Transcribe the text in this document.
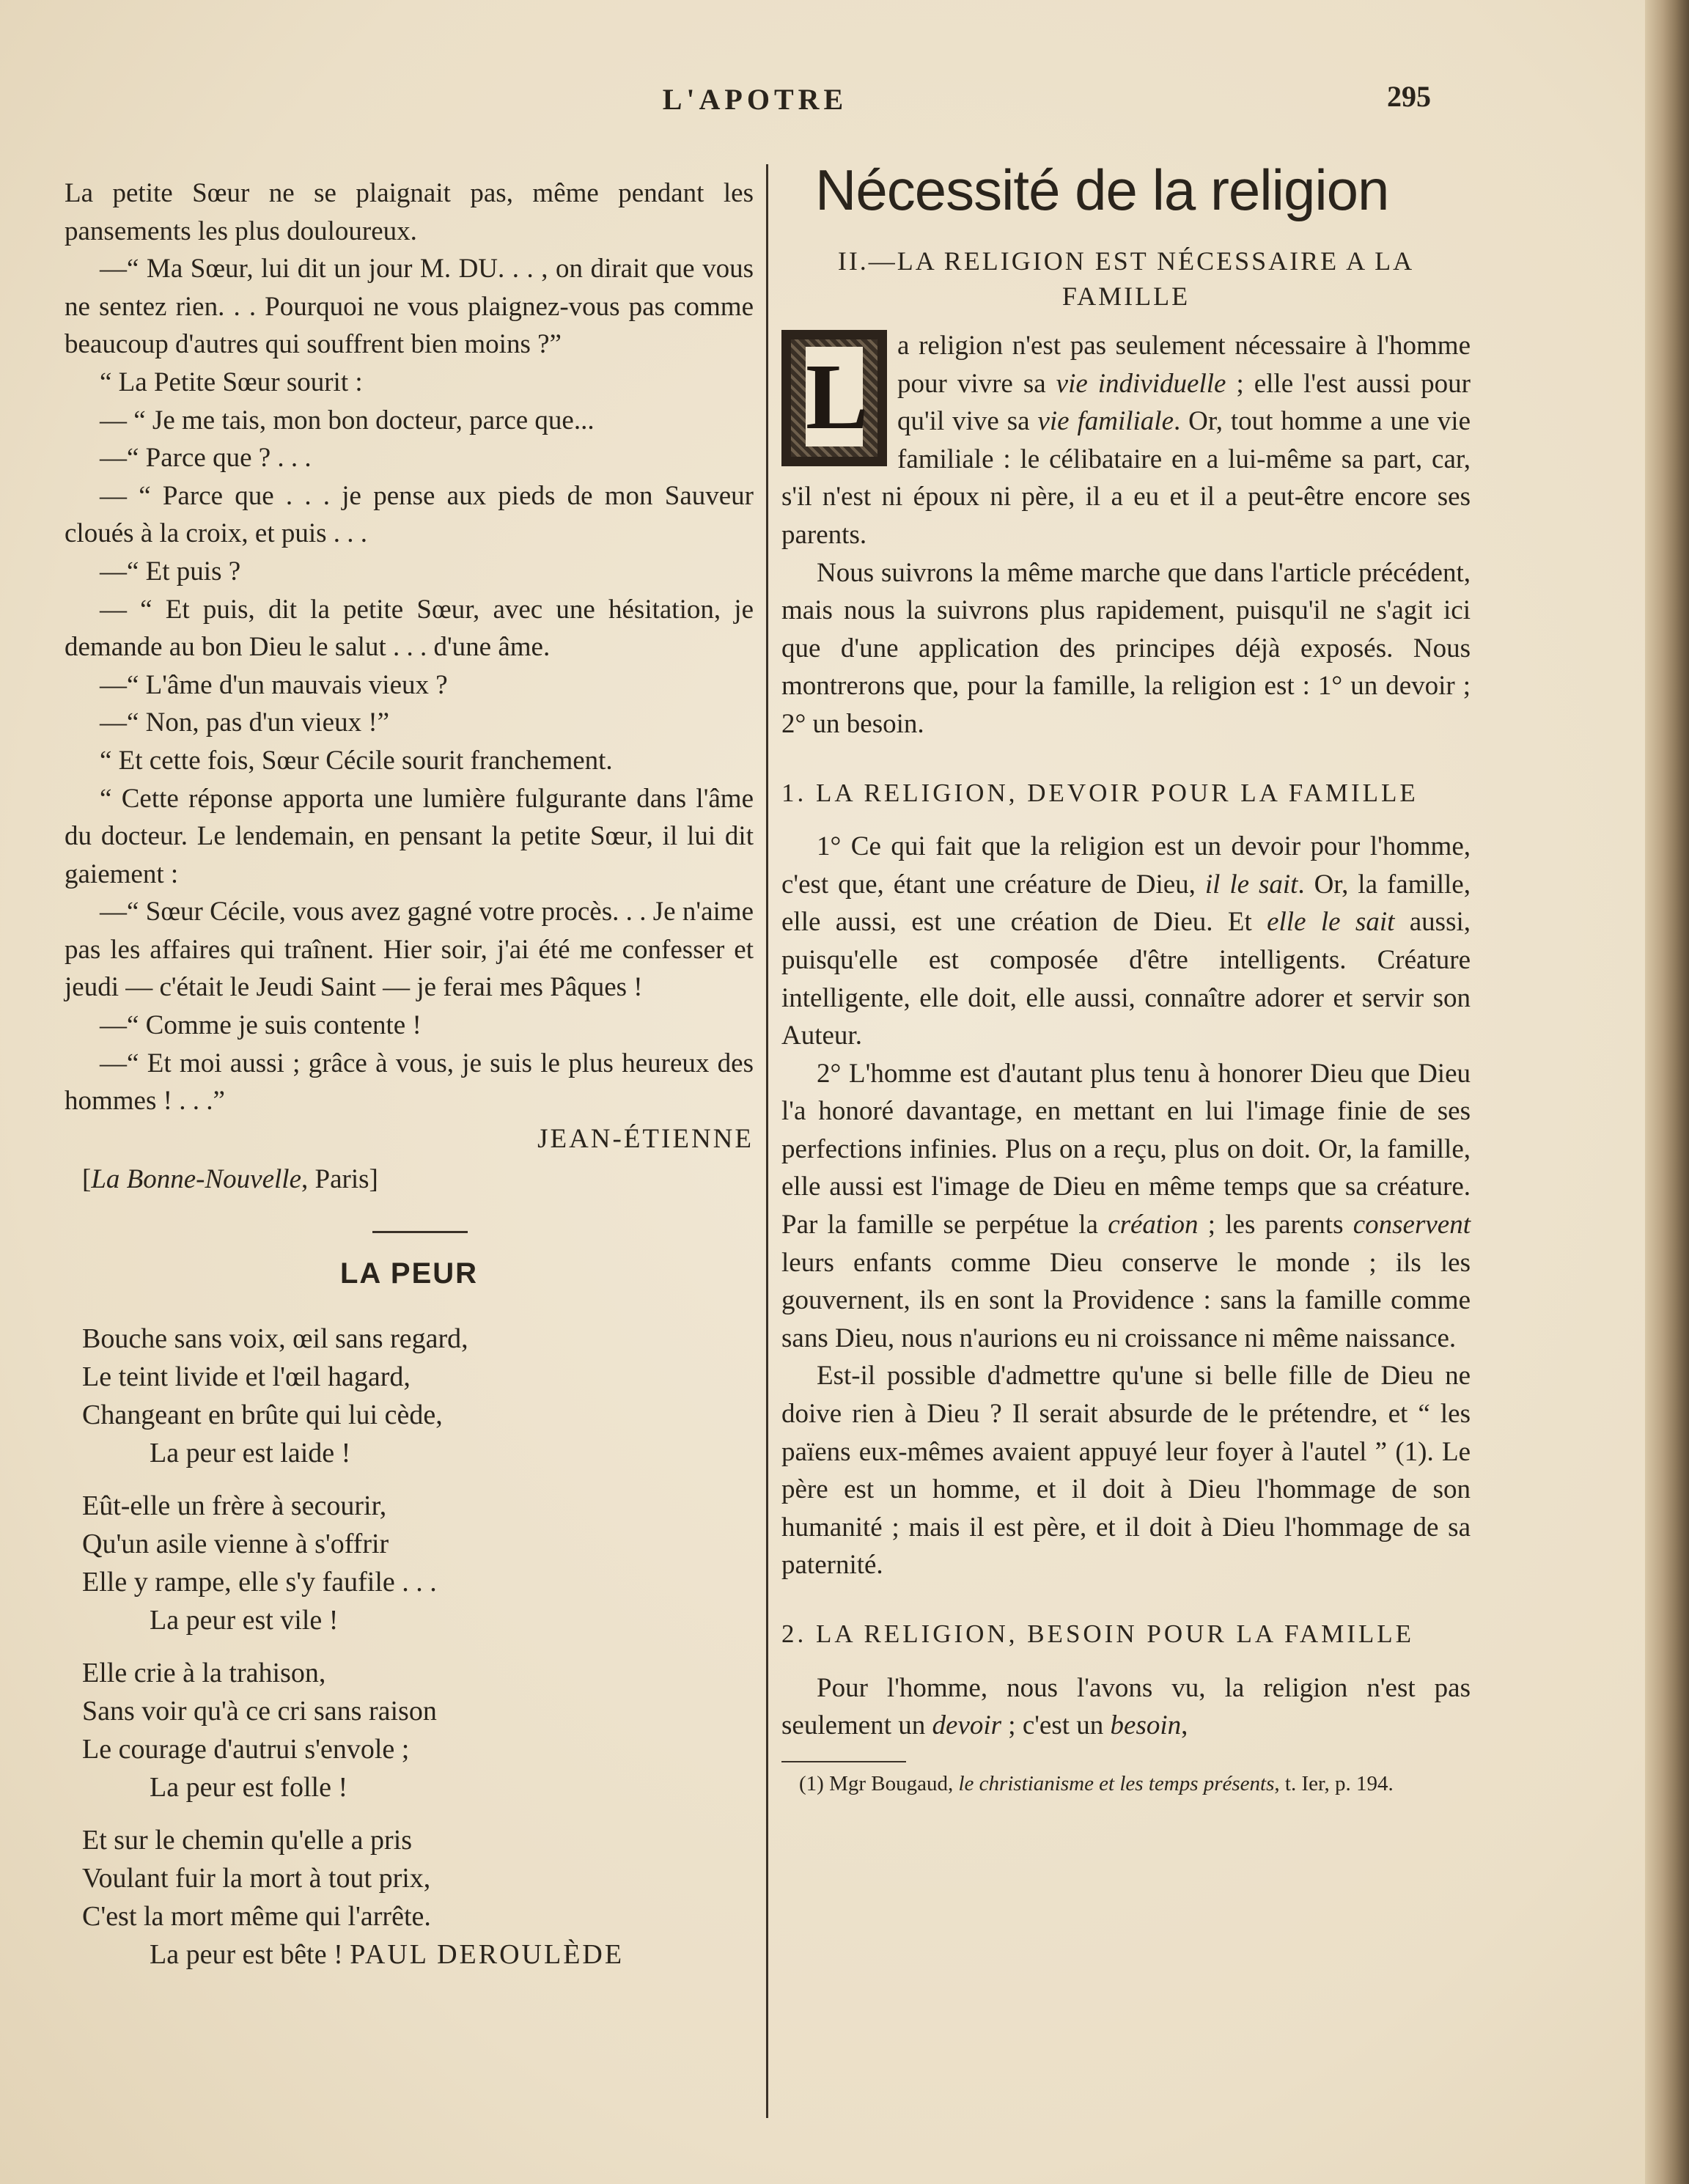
L'APOTRE	295

La petite Sœur ne se plaignait pas, même pendant les pansements les plus douloureux.

—“ Ma Sœur, lui dit un jour M. DU. . . , on dirait que vous ne sentez rien. . . Pourquoi ne vous plaignez-vous pas comme beaucoup d'autres qui souffrent bien moins ?”

“ La Petite Sœur sourit :

— “ Je me tais, mon bon docteur, parce que...

—“ Parce que ? . . .

— “ Parce que . . . je pense aux pieds de mon Sauveur cloués à la croix, et puis . . .

—“ Et puis ?

— “ Et puis, dit la petite Sœur, avec une hésitation, je demande au bon Dieu le salut . . . d'une âme.

—“ L'âme d'un mauvais vieux ?

—“ Non, pas d'un vieux !”

“ Et cette fois, Sœur Cécile sourit franchement.

“ Cette réponse apporta une lumière fulgurante dans l'âme du docteur. Le lendemain, en pensant la petite Sœur, il lui dit gaiement :

—“ Sœur Cécile, vous avez gagné votre procès. . . Je n'aime pas les affaires qui traînent. Hier soir, j'ai été me confesser et jeudi — c'était le Jeudi Saint — je ferai mes Pâques !

—“ Comme je suis contente !

—“ Et moi aussi ; grâce à vous, je suis le plus heureux des hommes ! . . .”

JEAN-ÉTIENNE

[La Bonne-Nouvelle, Paris]

LA PEUR

Bouche sans voix, œil sans regard,
Le teint livide et l'œil hagard,
Changeant en brûte qui lui cède,
La peur est laide !
Eût-elle un frère à secourir,
Qu'un asile vienne à s'offrir
Elle y rampe, elle s'y faufile . . .
La peur est vile !
Elle crie à la trahison,
Sans voir qu'à ce cri sans raison
Le courage d'autrui s'envole ;
La peur est folle !
Et sur le chemin qu'elle a pris
Voulant fuir la mort à tout prix,
C'est la mort même qui l'arrête.
La peur est bête ! PAUL DEROULÈDE
Nécessité de la religion

II.—LA RELIGION EST NÉCESSAIRE A LA FAMILLE

L a religion n'est pas seulement nécessaire à l'homme pour vivre sa vie individuelle ; elle l'est aussi pour qu'il vive sa vie familiale. Or, tout homme a une vie familiale : le célibataire en a lui-même sa part, car, s'il n'est ni époux ni père, il a eu et il a peut-être encore ses parents.

Nous suivrons la même marche que dans l'article précédent, mais nous la suivrons plus rapidement, puisqu'il ne s'agit ici que d'une application des principes déjà exposés. Nous montrerons que, pour la famille, la religion est : 1° un devoir ; 2° un besoin.

1. LA RELIGION, DEVOIR POUR LA FAMILLE

1° Ce qui fait que la religion est un devoir pour l'homme, c'est que, étant une créature de Dieu, il le sait. Or, la famille, elle aussi, est une création de Dieu. Et elle le sait aussi, puisqu'elle est composée d'être intelligents. Créature intelligente, elle doit, elle aussi, connaître adorer et servir son Auteur.

2° L'homme est d'autant plus tenu à honorer Dieu que Dieu l'a honoré davantage, en mettant en lui l'image finie de ses perfections infinies. Plus on a reçu, plus on doit. Or, la famille, elle aussi est l'image de Dieu en même temps que sa créature. Par la famille se perpétue la création ; les parents conservent leurs enfants comme Dieu conserve le monde ; ils les gouvernent, ils en sont la Providence : sans la famille comme sans Dieu, nous n'aurions eu ni croissance ni même naissance.

Est-il possible d'admettre qu'une si belle fille de Dieu ne doive rien à Dieu ? Il serait absurde de le prétendre, et “ les païens eux-mêmes avaient appuyé leur foyer à l'autel ” (1). Le père est un homme, et il doit à Dieu l'hommage de son humanité ; mais il est père, et il doit à Dieu l'hommage de sa paternité.

2. LA RELIGION, BESOIN POUR LA FAMILLE

Pour l'homme, nous l'avons vu, la religion n'est pas seulement un devoir ; c'est un besoin,

(1) Mgr Bougaud, le christianisme et les temps présents, t. Ier, p. 194.
